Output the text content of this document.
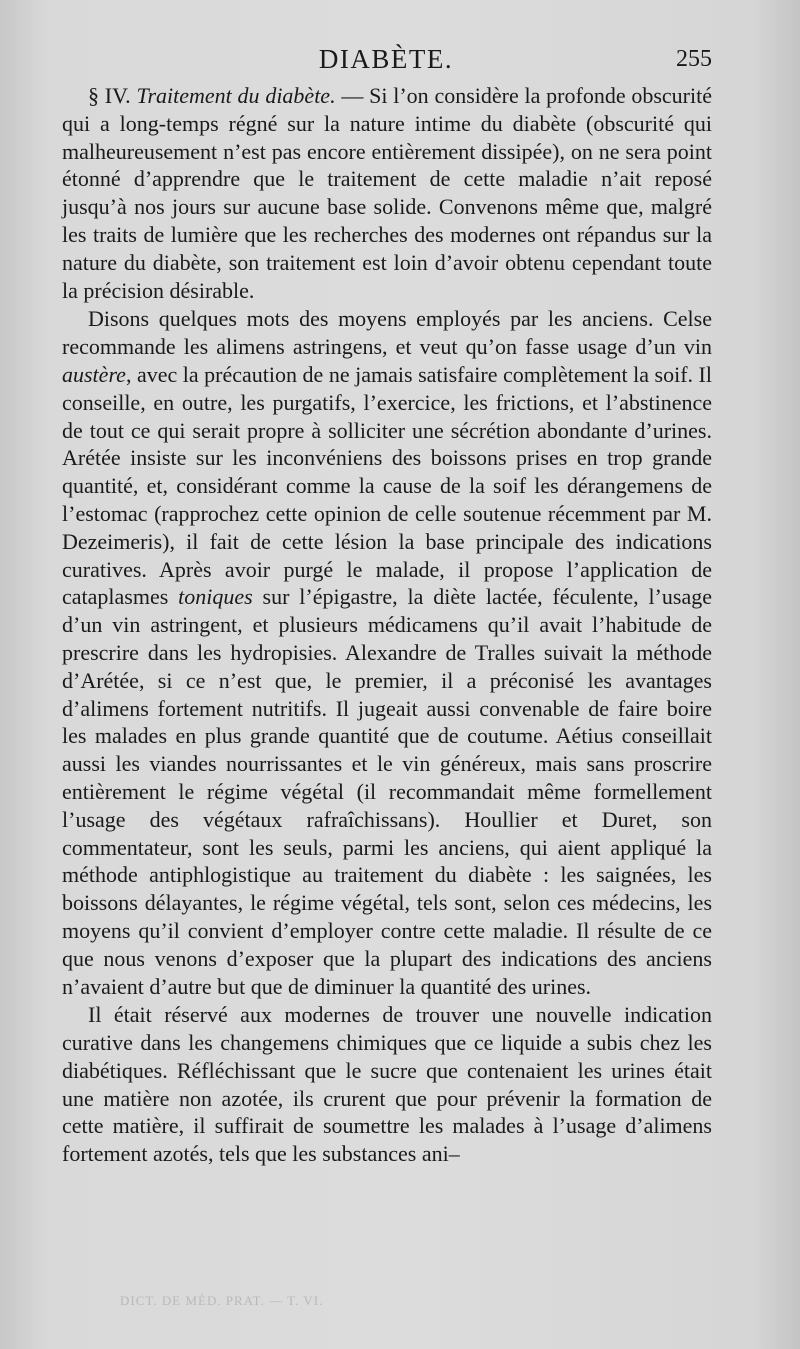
DIABÈTE.	255

§ IV. Traitement du diabète. — Si l’on considère la profonde obscurité qui a long-temps régné sur la nature intime du diabète (obscurité qui malheureusement n’est pas encore entièrement dissipée), on ne sera point étonné d’apprendre que le traitement de cette maladie n’ait reposé jusqu’à nos jours sur aucune base solide. Convenons même que, malgré les traits de lumière que les recherches des modernes ont répandus sur la nature du diabète, son traitement est loin d’avoir obtenu cependant toute la précision désirable.

Disons quelques mots des moyens employés par les anciens. Celse recommande les alimens astringens, et veut qu’on fasse usage d’un vin austère, avec la précaution de ne jamais satisfaire complètement la soif. Il conseille, en outre, les purgatifs, l’exercice, les frictions, et l’abstinence de tout ce qui serait propre à solliciter une sécrétion abondante d’urines. Arétée insiste sur les inconvéniens des boissons prises en trop grande quantité, et, considérant comme la cause de la soif les dérangemens de l’estomac (rapprochez cette opinion de celle soutenue récemment par M. Dezeimeris), il fait de cette lésion la base principale des indications curatives. Après avoir purgé le malade, il propose l’application de cataplasmes toniques sur l’épigastre, la diète lactée, féculente, l’usage d’un vin astringent, et plusieurs médicamens qu’il avait l’habitude de prescrire dans les hydropisies. Alexandre de Tralles suivait la méthode d’Arétée, si ce n’est que, le premier, il a préconisé les avantages d’alimens fortement nutritifs. Il jugeait aussi convenable de faire boire les malades en plus grande quantité que de coutume. Aétius conseillait aussi les viandes nourrissantes et le vin généreux, mais sans proscrire entièrement le régime végétal (il recommandait même formellement l’usage des végétaux rafraîchissans). Houllier et Duret, son commentateur, sont les seuls, parmi les anciens, qui aient appliqué la méthode antiphlogistique au traitement du diabète : les saignées, les boissons délayantes, le régime végétal, tels sont, selon ces médecins, les moyens qu’il convient d’employer contre cette maladie. Il résulte de ce que nous venons d’exposer que la plupart des indications des anciens n’avaient d’autre but que de diminuer la quantité des urines.

Il était réservé aux modernes de trouver une nouvelle indication curative dans les changemens chimiques que ce liquide a subis chez les diabétiques. Réfléchissant que le sucre que contenaient les urines était une matière non azotée, ils crurent que pour prévenir la formation de cette matière, il suffirait de soumettre les malades à l’usage d’alimens fortement azotés, tels que les substances ani–

DICT. DE MÉD. PRAT. — T. VI.
